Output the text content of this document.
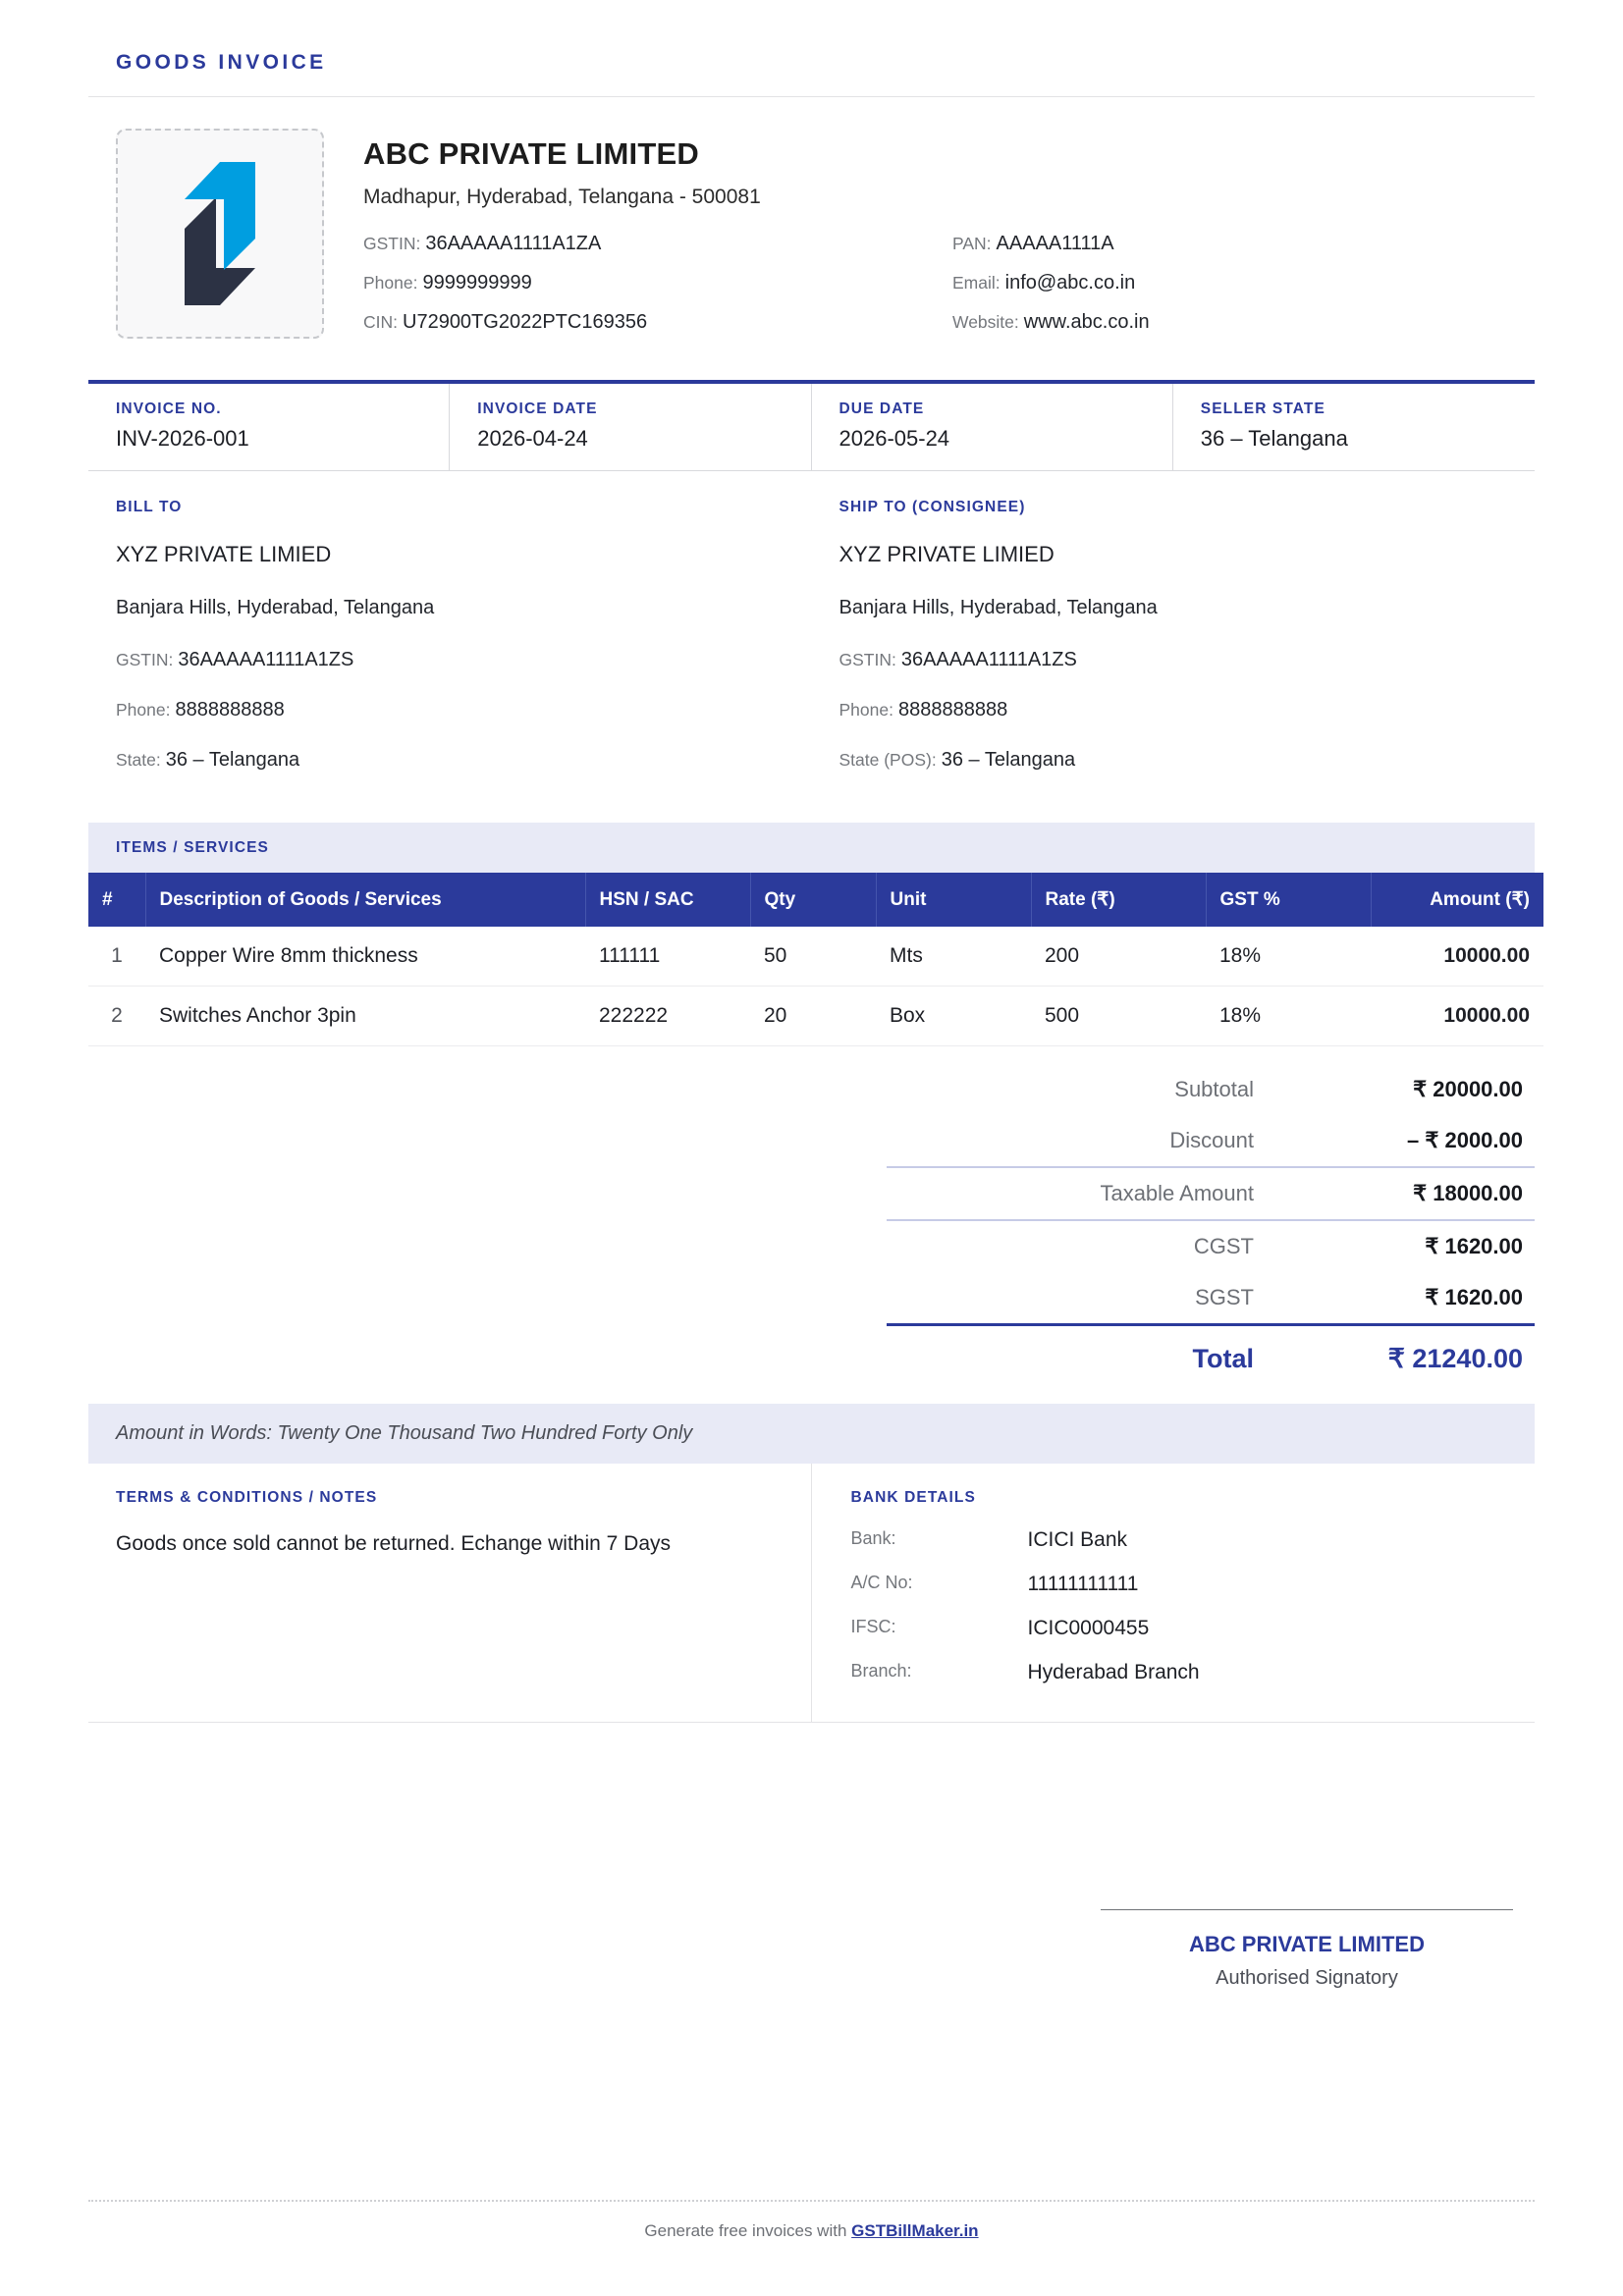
GOODS INVOICE
ABC PRIVATE LIMITED
Madhapur, Hyderabad, Telangana - 500081
GSTIN: 36AAAAA1111A1ZA	PAN: AAAAA1111A
Phone: 9999999999	Email: info@abc.co.in
CIN: U72900TG2022PTC169356	Website: www.abc.co.in
INVOICE NO.
INV-2026-001
INVOICE DATE
2026-04-24
DUE DATE
2026-05-24
SELLER STATE
36 – Telangana
BILL TO
XYZ PRIVATE LIMIED
Banjara Hills, Hyderabad, Telangana
GSTIN: 36AAAAA1111A1ZS
Phone: 8888888888
State: 36 – Telangana
SHIP TO (CONSIGNEE)
XYZ PRIVATE LIMIED
Banjara Hills, Hyderabad, Telangana
GSTIN: 36AAAAA1111A1ZS
Phone: 8888888888
State (POS): 36 – Telangana
ITEMS / SERVICES
#	Description of Goods / Services	HSN / SAC	Qty	Unit	Rate (₹)	GST %	Amount (₹)
1	Copper Wire 8mm thickness	111111	50	Mts	200	18%	10000.00
2	Switches Anchor 3pin	222222	20	Box	500	18%	10000.00
Subtotal	₹ 20000.00
Discount	– ₹ 2000.00
Taxable Amount	₹ 18000.00
CGST	₹ 1620.00
SGST	₹ 1620.00
Total	₹ 21240.00
Amount in Words: Twenty One Thousand Two Hundred Forty Only
TERMS & CONDITIONS / NOTES
Goods once sold cannot be returned. Echange within 7 Days
BANK DETAILS
Bank:	ICICI Bank
A/C No:	11111111111
IFSC:	ICIC0000455
Branch:	Hyderabad Branch
ABC PRIVATE LIMITED
Authorised Signatory
Generate free invoices with GSTBillMaker.in
